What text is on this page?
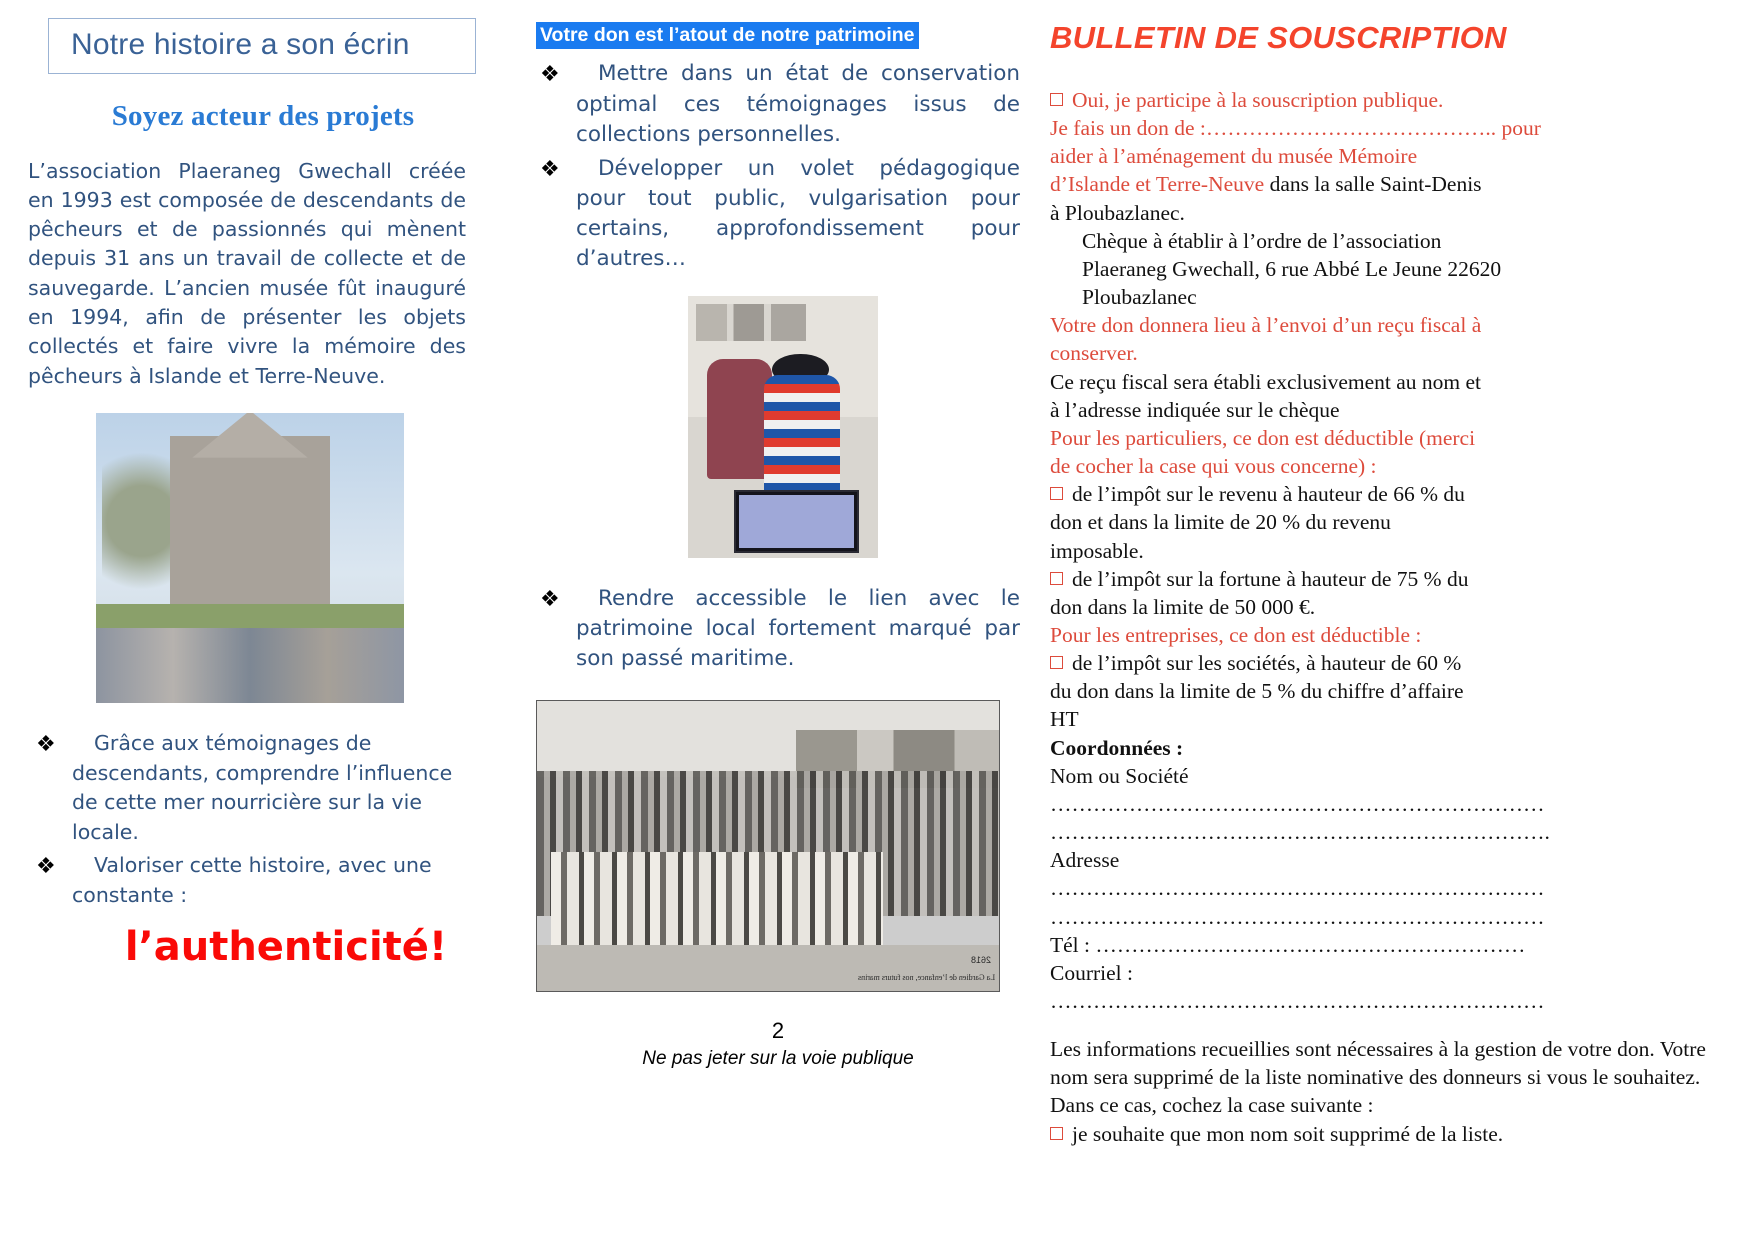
Notre histoire a son écrin
Soyez acteur des projets
L’association Plaeraneg Gwechall créée en 1993 est composée de descendants de pêcheurs et de passionnés qui mènent depuis 31 ans un travail de collecte et de sauvegarde. L’ancien musée fût inauguré en 1994, afin de présenter les objets collectés et faire vivre la mémoire des pêcheurs à Islande et Terre-Neuve.
❖	Grâce aux témoignages de descendants, comprendre l’influence de cette mer nourricière sur la vie locale.
❖	Valoriser cette histoire, avec une constante :
l’authenticité!
Votre don est l’atout de notre patrimoine
❖	Mettre dans un état de conservation optimal ces témoignages issus de collections personnelles.
❖	Développer un volet pédagogique pour tout public, vulgarisation pour certains, approfondissement pour d’autres…
❖	Rendre accessible le lien avec le patrimoine local fortement marqué par son passé maritime.
2618
La Gardien de l’enfance, nos futurs marins
2
Ne pas jeter sur la voie publique
BULLETIN DE SOUSCRIPTION
Oui, je participe à la souscription publique.
Je fais un don de :………………………………….. pour
aider à l’aménagement du musée Mémoire
d’Islande et Terre-Neuve dans la salle Saint-Denis
à Ploubazlanec.
Chèque à établir à l’ordre de l’association
Plaeraneg Gwechall, 6 rue Abbé Le Jeune 22620
Ploubazlanec
Votre don donnera lieu à l’envoi d’un reçu fiscal à
conserver.
Ce reçu fiscal sera établi exclusivement au nom et
à l’adresse indiquée sur le chèque
Pour les particuliers, ce don est déductible (merci
de cocher la case qui vous concerne) :
de l’impôt sur le revenu à hauteur de 66 % du
don et dans la limite de 20 % du revenu
imposable.
de l’impôt sur la fortune à hauteur de 75 % du
don dans la limite de 50 000 €.
Pour les entreprises, ce don est déductible :
de l’impôt sur les sociétés, à hauteur de 60 %
du don dans la limite de 5 % du chiffre d’affaire
HT
Coordonnées :
Nom ou Société
……………………………………………………………
…………………………………………………………….
Adresse
……………………………………………………………
……………………………………………………………
Tél : ……………………………………………………
Courriel :
……………………………………………………………
Les informations recueillies sont nécessaires à la gestion de votre don. Votre nom sera supprimé de la liste nominative des donneurs si vous le souhaitez. Dans ce cas, cochez la case suivante :
je souhaite que mon nom soit supprimé de la liste.
